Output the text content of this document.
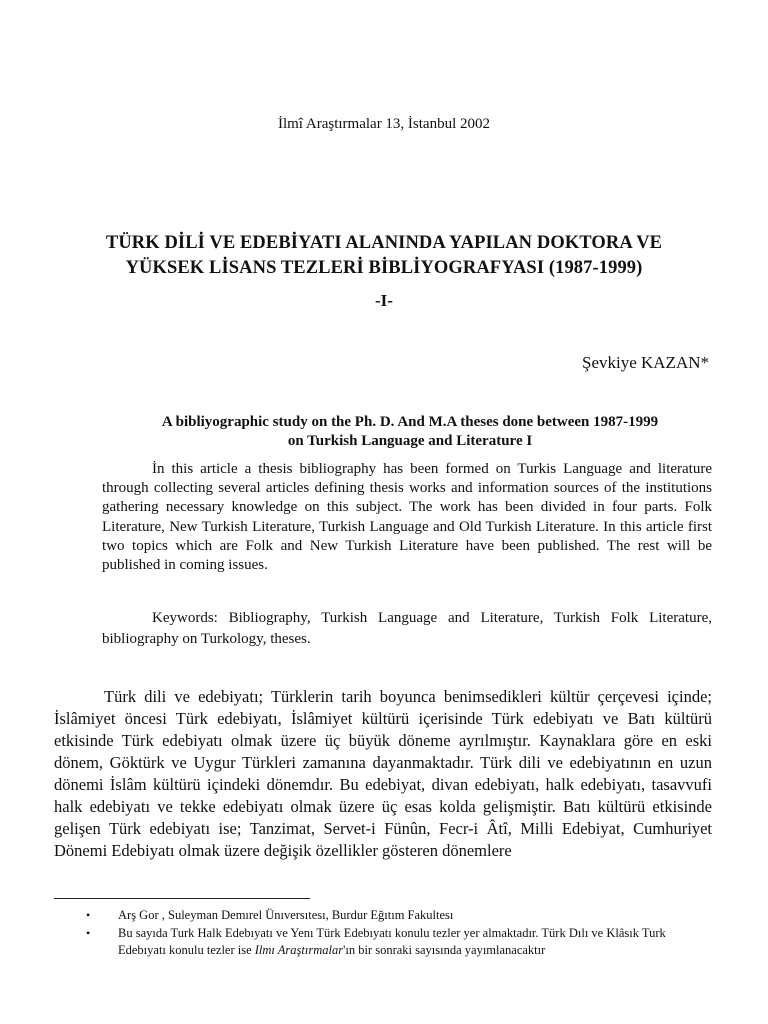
İlmî Araştırmalar 13, İstanbul 2002
TÜRK DİLİ VE EDEBİYATI ALANINDA YAPILAN DOKTORA VE
YÜKSEK LİSANS TEZLERİ BİBLİYOGRAFYASI (1987-1999)
-I-
Şevkiye KAZAN*
A bibliyographic study on the Ph. D. And M.A theses done between 1987-1999
on Turkish Language and Literature I

İn this article a thesis bibliography has been formed on Turkis Language and literature through collecting several articles defining thesis works and information sources of the institutions gathering necessary knowledge on this subject. The work has been divided in four parts. Folk Literature, New Turkish Literature, Turkish Language and Old Turkish Literature. In this article first two topics which are Folk and New Turkish Literature have been published. The rest will be published in coming issues.

Keywords: Bibliography, Turkish Language and Literature, Turkish Folk Literature, bibliography on Turkology, theses.

Türk dili ve edebiyatı; Türklerin tarih boyunca benimsedikleri kültür çerçevesi içinde; İslâmiyet öncesi Türk edebiyatı, İslâmiyet kültürü içerisinde Türk edebiyatı ve Batı kültürü etkisinde Türk edebiyatı olmak üzere üç büyük döneme ayrılmıştır. Kaynaklara göre en eski dönem, Göktürk ve Uygur Türkleri zamanına dayanmaktadır. Türk dili ve edebiyatının en uzun dönemi İslâm kültürü içindeki dönemdır. Bu edebiyat, divan edebiyatı, halk edebiyatı, tasavvufi halk edebiyatı ve tekke edebiyatı olmak üzere üç esas kolda gelişmiştir. Batı kültürü etkisinde gelişen Türk edebiyatı ise; Tanzimat, Servet-i Fünûn, Fecr-i Âtî, Milli Edebiyat, Cumhuriyet Dönemi Edebiyatı olmak üzere değişik özellikler gösteren dönemlere

• Arş Gor , Suleyman Demırel Ünıversıtesı, Burdur Eğıtım Fakultesı
• Bu sayıda Turk Halk Edebıyatı ve Yenı Türk Edebıyatı konulu tezler yer almaktadır. Türk Dılı ve Klâsık Turk Edebıyatı konulu tezler ise Ilmı Araştırmalar'ın bir sonraki sayısında yayımlanacaktır
